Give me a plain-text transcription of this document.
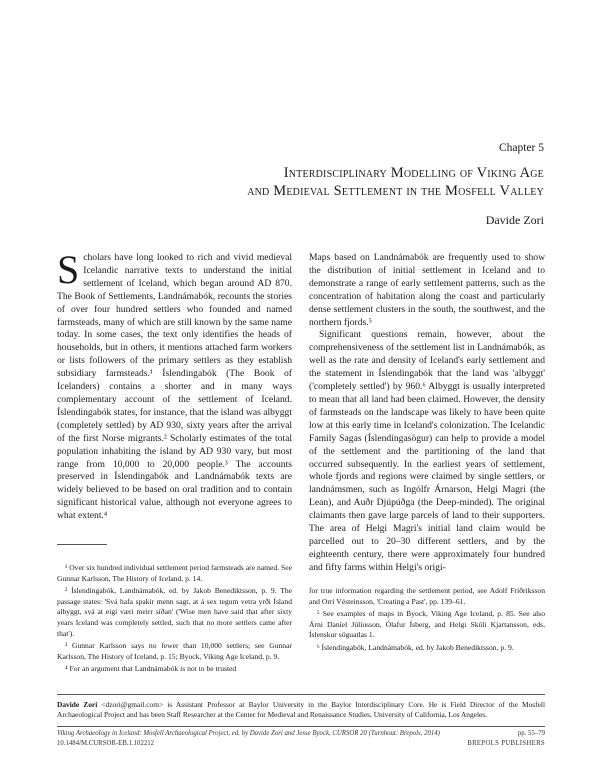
Chapter 5
Interdisciplinary Modelling of Viking Age
and Medieval Settlement in the Mosfell Valley
Davide Zori

Scholars have long looked to rich and vivid medieval Icelandic narrative texts to understand the initial settlement of Iceland, which began around AD 870. The Book of Settlements, Landnámabók, recounts the stories of over four hundred settlers who founded and named farmsteads, many of which are still known by the same name today. In some cases, the text only identifies the heads of households, but in others, it mentions attached farm workers or lists followers of the primary settlers as they establish subsidiary farmsteads.¹ Íslendingabók (The Book of Icelanders) contains a shorter and in many ways complementary account of the settlement of Iceland. Íslendingabók states, for instance, that the island was albyggt (completely settled) by AD 930, sixty years after the arrival of the first Norse migrants.² Scholarly estimates of the total population inhabiting the island by AD 930 vary, but most range from 10,000 to 20,000 people.³ The accounts preserved in Íslendingabók and Landnámabók texts are widely believed to be based on oral tradition and to contain significant historical value, although not everyone agrees to what extent.⁴

Maps based on Landnámabók are frequently used to show the distribution of initial settlement in Iceland and to demonstrate a range of early settlement patterns, such as the concentration of habitation along the coast and particularly dense settlement clusters in the south, the southwest, and the northern fjords.⁵

Significant questions remain, however, about the comprehensiveness of the settlement list in Landnámabók, as well as the rate and density of Iceland's early settlement and the statement in Íslendingabók that the land was 'albyggt' ('completely settled') by 960.⁶ Albyggt is usually interpreted to mean that all land had been claimed. However, the density of farmsteads on the landscape was likely to have been quite low at this early time in Iceland's colonization. The Icelandic Family Sagas (Íslendingasögur) can help to provide a model of the settlement and the partitioning of the land that occurred subsequently. In the earliest years of settlement, whole fjords and regions were claimed by single settlers, or landnámsmen, such as Ingólfr Árnarson, Helgi Magri (the Lean), and Auðr Djúpúðga (the Deep-minded). The original claimants then gave large parcels of land to their supporters. The area of Helgi Magri's initial land claim would be parcelled out to 20–30 different settlers, and by the eighteenth century, there were approximately four hundred and fifty farms within Helgi's origi-

¹ Over six hundred individual settlement period farmsteads are named. See Gunnar Karlsson, The History of Iceland, p. 14.

² Íslendingabók, Landnámabók, ed. by Jakob Benediktsson, p. 9. The passage states: 'Svá hafa spakir menn sagt, at á sex tegum vetra yrði Ísland albyggt, svá at eigi væri meirr síðan' ('Wise men have said that after sixty years Iceland was completely settled, such that no more settlers came after that').

³ Gunnar Karlsson says no fewer than 10,000 settlers; see Gunnar Karlsson, The History of Iceland, p. 15; Byock, Viking Age Iceland, p. 9.

⁴ For an argument that Landnámabók is not to be trusted

for true information regarding the settlement period, see Adolf Friðriksson and Orri Vésteinsson, 'Creating a Past', pp. 139–61.

⁵ See examples of maps in Byock, Viking Age Iceland, p. 85. See also Árni Daníel Júlíusson, Ólafur Ísberg, and Helgi Skúli Kjartansson, eds, Íslenskur söguatlas 1.

⁶ Íslendingabók, Landnámabók, ed. by Jakob Benediktsson, p. 9.

Davide Zori <dzori@gmail.com> is Assistant Professor at Baylor University in the Baylor Interdisciplinary Core. He is Field Director of the Mosfell Archaeological Project and has been Staff Researcher at the Center for Medieval and Renaissance Studies, University of California, Los Angeles.
Viking Archaeology in Iceland: Mosfell Archaeological Project, ed. by Davide Zori and Jesse Byock, CURSOR 20 (Turnhout: Brepols, 2014)
10.1484/M.CURSOR-EB.1.102212
pp. 55–79
BREPOLS PUBLISHERS
